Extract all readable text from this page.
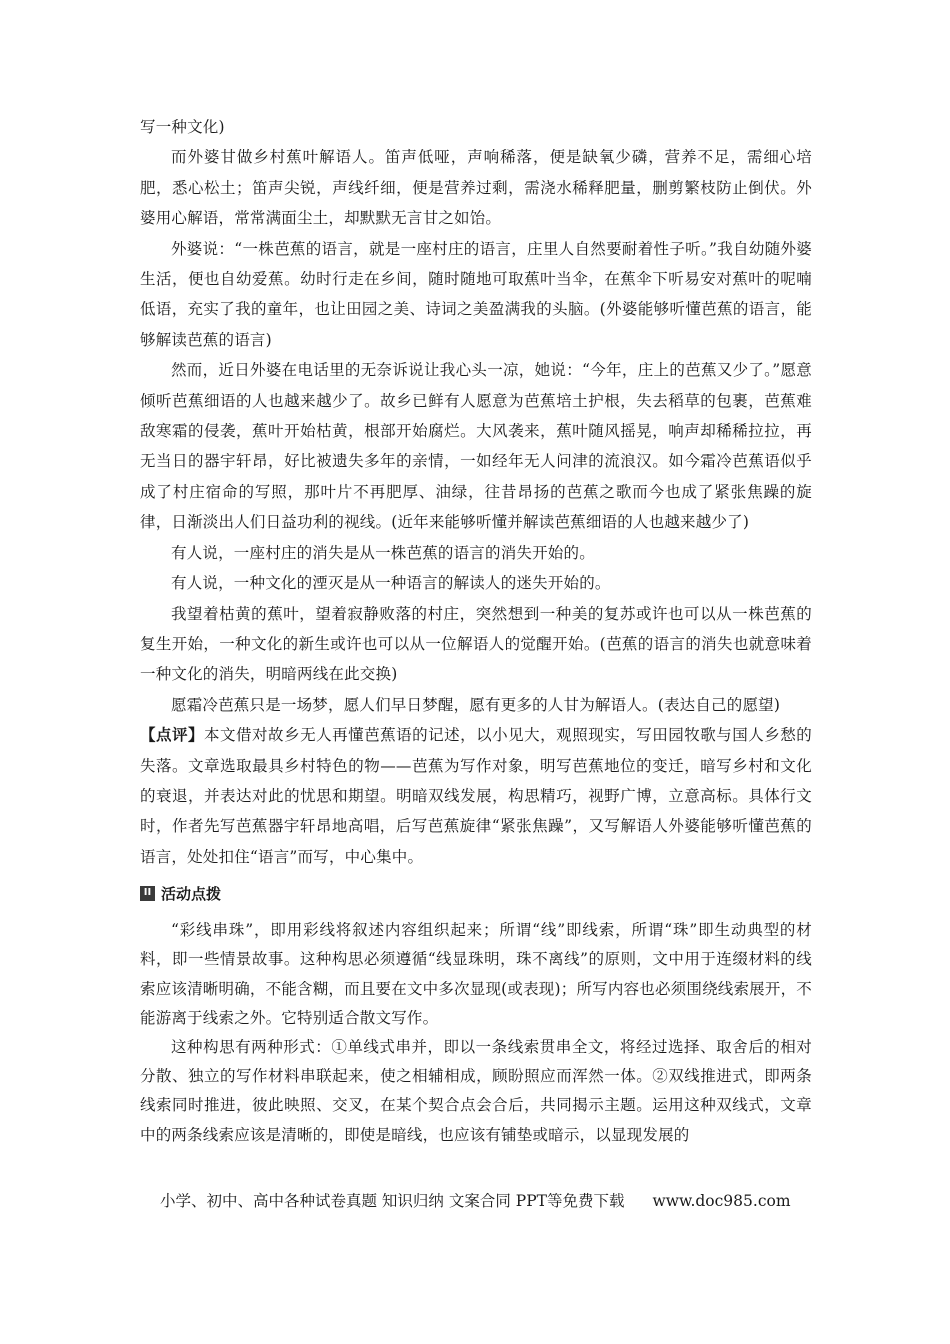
写一种文化)

而外婆甘做乡村蕉叶解语人。笛声低哑，声响稀落，便是缺氧少磷，营养不足，需细心培肥，悉心松土；笛声尖锐，声线纤细，便是营养过剩，需浇水稀释肥量，删剪繁枝防止倒伏。外婆用心解语，常常满面尘土，却默默无言甘之如饴。

外婆说：“一株芭蕉的语言，就是一座村庄的语言，庄里人自然要耐着性子听。”我自幼随外婆生活，便也自幼爱蕉。幼时行走在乡间，随时随地可取蕉叶当伞，在蕉伞下听易安对蕉叶的呢喃低语，充实了我的童年，也让田园之美、诗词之美盈满我的头脑。(外婆能够听懂芭蕉的语言，能够解读芭蕉的语言)

然而，近日外婆在电话里的无奈诉说让我心头一凉，她说：“今年，庄上的芭蕉又少了。”愿意倾听芭蕉细语的人也越来越少了。故乡已鲜有人愿意为芭蕉培土护根，失去稻草的包裹，芭蕉难敌寒霜的侵袭，蕉叶开始枯黄，根部开始腐烂。大风袭来，蕉叶随风摇晃，响声却稀稀拉拉，再无当日的器宇轩昂，好比被遗失多年的亲情，一如经年无人问津的流浪汉。如今霜冷芭蕉语似乎成了村庄宿命的写照，那叶片不再肥厚、油绿，往昔昂扬的芭蕉之歌而今也成了紧张焦躁的旋律，日渐淡出人们日益功利的视线。(近年来能够听懂并解读芭蕉细语的人也越来越少了)

有人说，一座村庄的消失是从一株芭蕉的语言的消失开始的。

有人说，一种文化的湮灭是从一种语言的解读人的迷失开始的。

我望着枯黄的蕉叶，望着寂静败落的村庄，突然想到一种美的复苏或许也可以从一株芭蕉的复生开始，一种文化的新生或许也可以从一位解语人的觉醒开始。(芭蕉的语言的消失也就意味着一种文化的消失，明暗两线在此交换)

愿霜冷芭蕉只是一场梦，愿人们早日梦醒，愿有更多的人甘为解语人。(表达自己的愿望)

【点评】本文借对故乡无人再懂芭蕉语的记述，以小见大，观照现实，写田园牧歌与国人乡愁的失落。文章选取最具乡村特色的物——芭蕉为写作对象，明写芭蕉地位的变迁，暗写乡村和文化的衰退，并表达对此的忧思和期望。明暗双线发展，构思精巧，视野广博，立意高标。具体行文时，作者先写芭蕉器宇轩昂地高唱，后写芭蕉旋律“紧张焦躁”，又写解语人外婆能够听懂芭蕉的语言，处处扣住“语言”而写，中心集中。

II 活动点拨

“彩线串珠”，即用彩线将叙述内容组织起来；所谓“线”即线索，所谓“珠”即生动典型的材料，即一些情景故事。这种构思必须遵循“线显珠明，珠不离线”的原则，文中用于连缀材料的线索应该清晰明确，不能含糊，而且要在文中多次显现(或表现)；所写内容也必须围绕线索展开，不能游离于线索之外。它特别适合散文写作。

这种构思有两种形式：①单线式串并，即以一条线索贯串全文，将经过选择、取舍后的相对分散、独立的写作材料串联起来，使之相辅相成，顾盼照应而浑然一体。②双线推进式，即两条线索同时推进，彼此映照、交叉，在某个契合点会合后，共同揭示主题。运用这种双线式，文章中的两条线索应该是清晰的，即使是暗线，也应该有铺垫或暗示，以显现发展的

小学、初中、高中各种试卷真题 知识归纳 文案合同 PPT等免费下载 www.doc985.com
